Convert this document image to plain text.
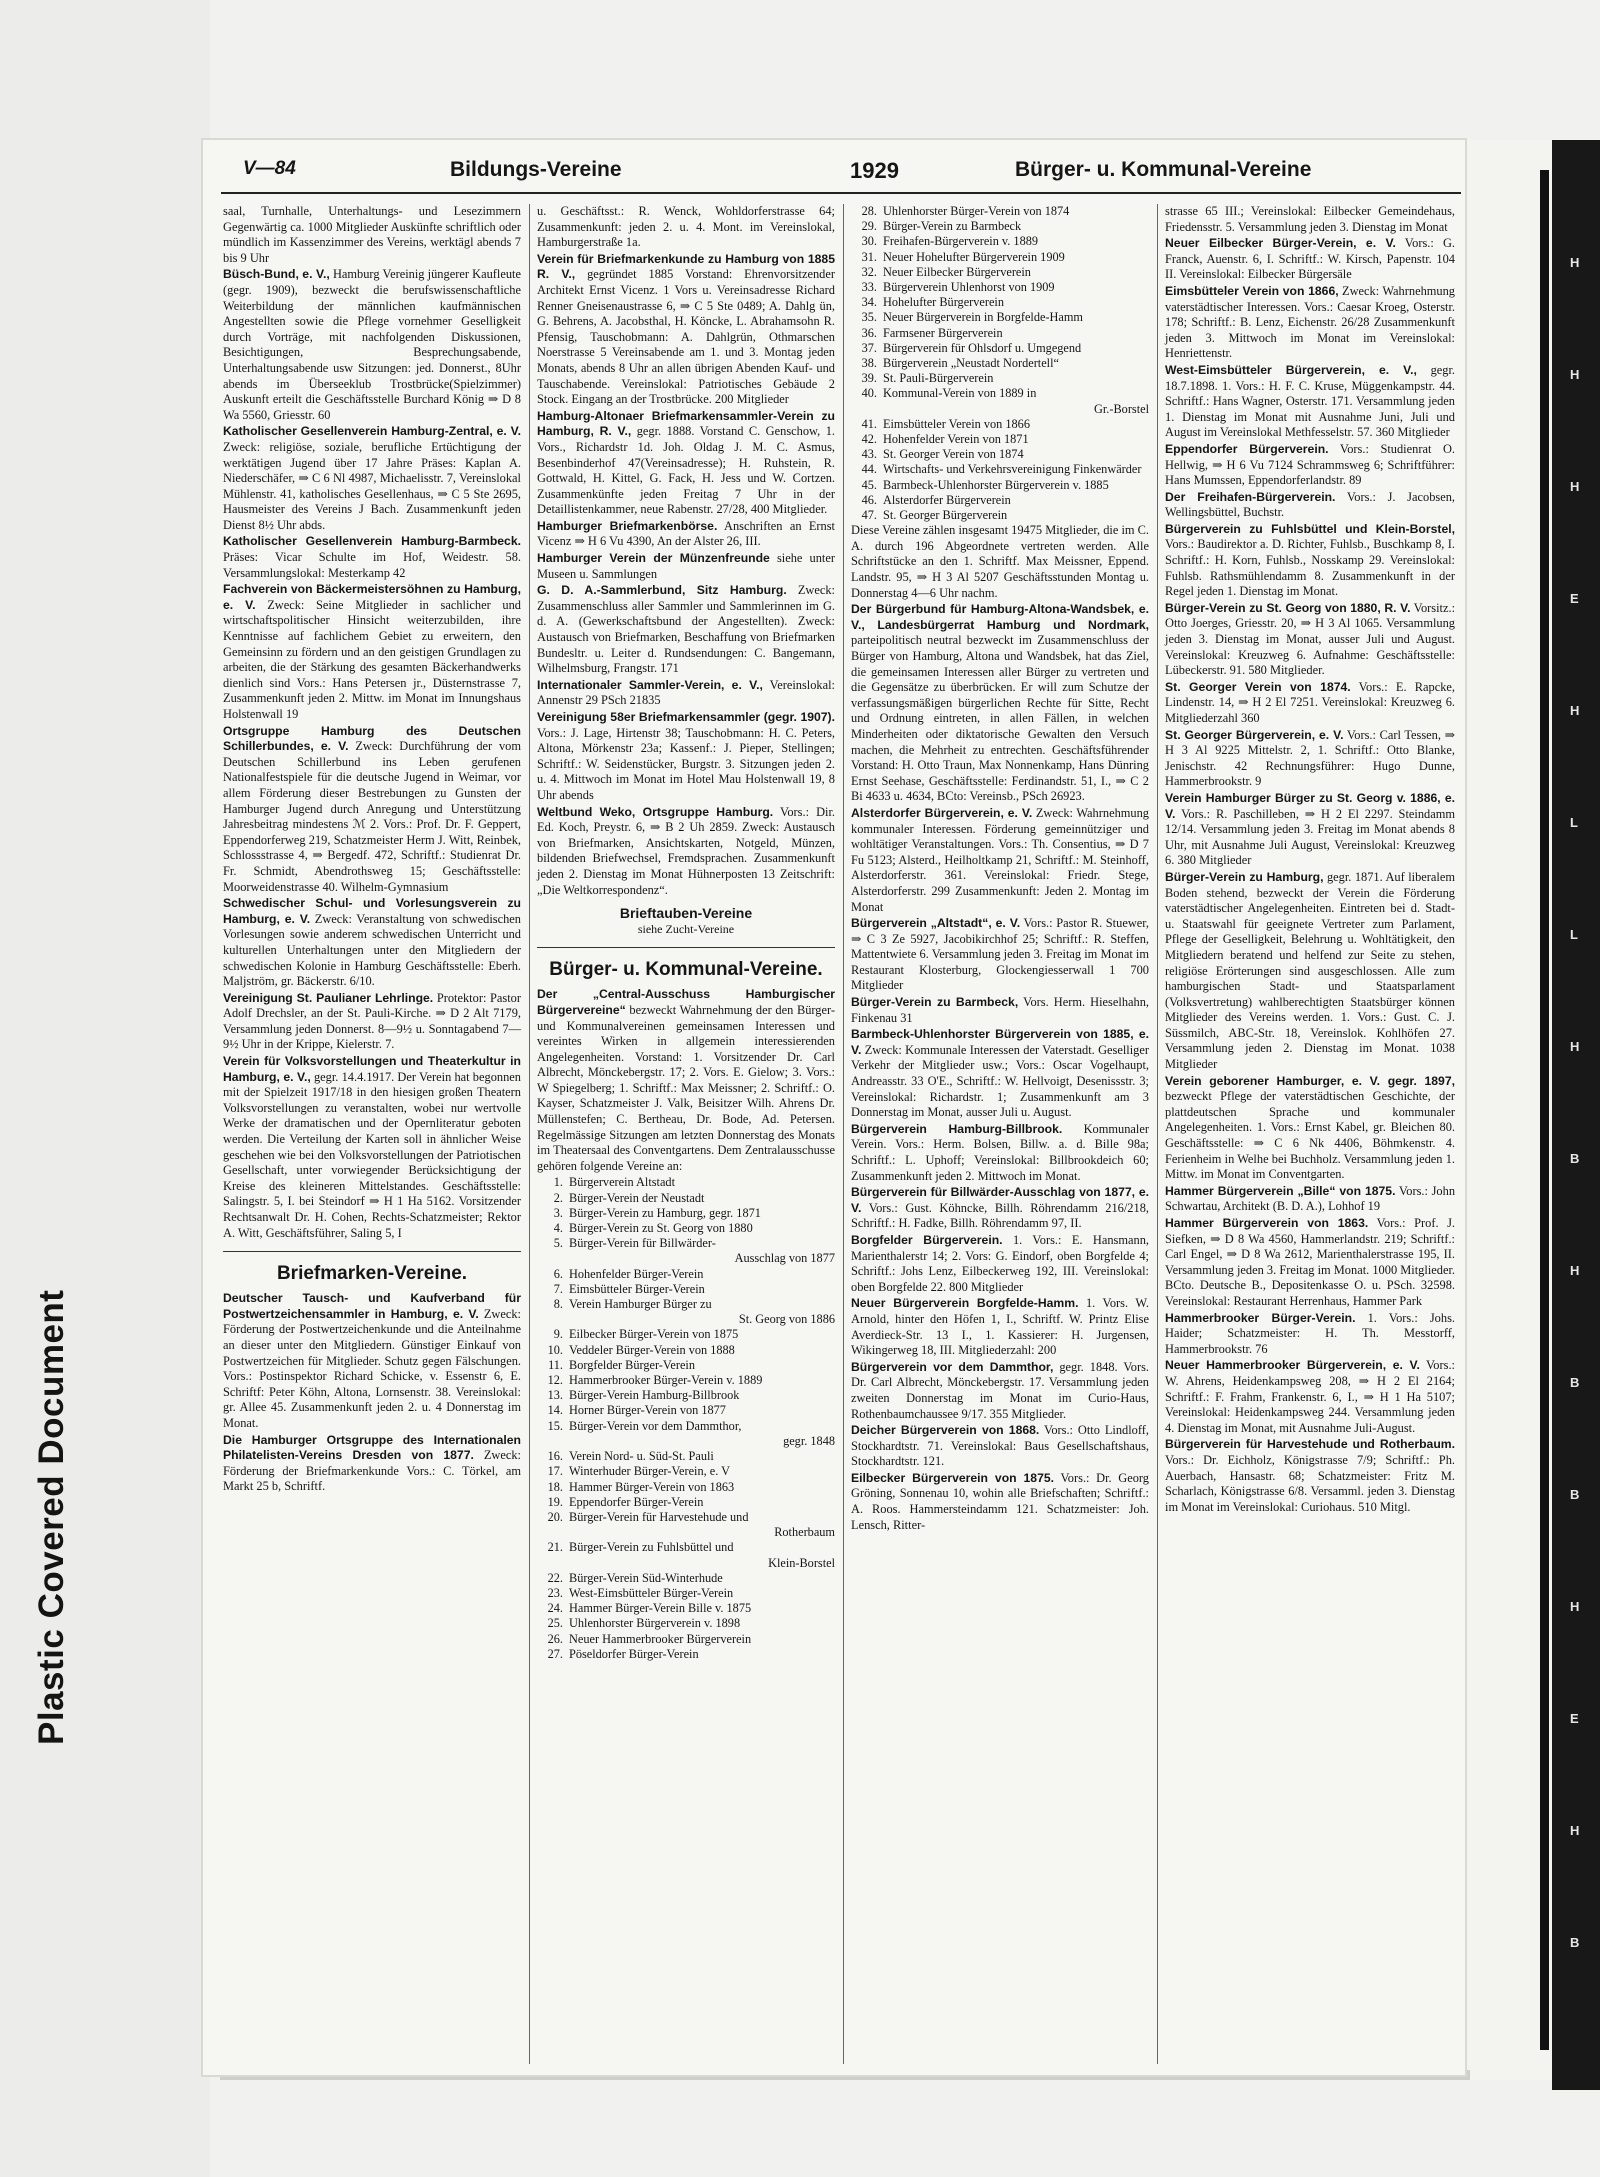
Plastic Covered Document
H
H
H
E
H
L
L
H
B
H
B
B
H
E
H
B
V—84	Bildungs-Vereine	1929	Bürger- u. Kommunal-Vereine

saal, Turnhalle, Unterhaltungs- und Lesezimmern Gegenwärtig ca. 1000 Mitglieder Auskünfte schriftlich oder mündlich im Kassenzimmer des Vereins, werktägl abends 7 bis 9 Uhr

Büsch-Bund, e. V., Hamburg Vereinig jüngerer Kaufleute (gegr. 1909), bezweckt die berufswissenschaftliche Weiterbildung der männlichen kaufmännischen Angestellten sowie die Pflege vornehmer Geselligkeit durch Vorträge, mit nachfolgenden Diskussionen, Besichtigungen, Besprechungsabende, Unterhaltungsabende usw Sitzungen: jed. Donnerst., 8Uhr abends im Überseeklub Trostbrücke(Spielzimmer) Auskunft erteilt die Geschäftsstelle Burchard König ⇒ D 8 Wa 5560, Griesstr. 60

Katholischer Gesellenverein Hamburg-Zentral, e. V. Zweck: religiöse, soziale, berufliche Ertüchtigung der werktätigen Jugend über 17 Jahre Präses: Kaplan A. Niederschäfer, ⇒ C 6 Nl 4987, Michaelisstr. 7, Vereinslokal Mühlenstr. 41, katholisches Gesellenhaus, ⇒ C 5 Ste 2695, Hausmeister des Vereins J Bach. Zusammenkunft jeden Dienst 8½ Uhr abds.

Katholischer Gesellenverein Hamburg-Barmbeck. Präses: Vicar Schulte im Hof, Weidestr. 58. Versammlungslokal: Mesterkamp 42

Fachverein von Bäckermeistersöhnen zu Hamburg, e. V. Zweck: Seine Mitglieder in sachlicher und wirtschaftspolitischer Hinsicht weiterzubilden, ihre Kenntnisse auf fachlichem Gebiet zu erweitern, den Gemeinsinn zu fördern und an den geistigen Grundlagen zu arbeiten, die der Stärkung des gesamten Bäckerhandwerks dienlich sind Vors.: Hans Petersen jr., Düsternstrasse 7, Zusammenkunft jeden 2. Mittw. im Monat im Innungshaus Holstenwall 19

Ortsgruppe Hamburg des Deutschen Schillerbundes, e. V. Zweck: Durchführung der vom Deutschen Schillerbund ins Leben gerufenen Nationalfestspiele für die deutsche Jugend in Weimar, vor allem Förderung dieser Bestrebungen zu Gunsten der Hamburger Jugend durch Anregung und Unterstützung Jahresbeitrag mindestens ℳ 2. Vors.: Prof. Dr. F. Geppert, Eppendorferweg 219, Schatzmeister Herm J. Witt, Reinbek, Schlossstrasse 4, ⇒ Bergedf. 472, Schriftf.: Studienrat Dr. Fr. Schmidt, Abendrothsweg 15; Geschäftsstelle: Moorweidenstrasse 40. Wilhelm-Gymnasium

Schwedischer Schul- und Vorlesungsverein zu Hamburg, e. V. Zweck: Veranstaltung von schwedischen Vorlesungen sowie anderem schwedischen Unterricht und kulturellen Unterhaltungen unter den Mitgliedern der schwedischen Kolonie in Hamburg Geschäftsstelle: Eberh. Maljström, gr. Bäckerstr. 6/10.

Vereinigung St. Paulianer Lehrlinge. Protektor: Pastor Adolf Drechsler, an der St. Pauli-Kirche. ⇒ D 2 Alt 7179, Versammlung jeden Donnerst. 8—9½ u. Sonntagabend 7—9½ Uhr in der Krippe, Kielerstr. 7.

Verein für Volksvorstellungen und Theaterkultur in Hamburg, e. V., gegr. 14.4.1917. Der Verein hat begonnen mit der Spielzeit 1917/18 in den hiesigen großen Theatern Volksvorstellungen zu veranstalten, wobei nur wertvolle Werke der dramatischen und der Opernliteratur geboten werden. Die Verteilung der Karten soll in ähnlicher Weise geschehen wie bei den Volksvorstellungen der Patriotischen Gesellschaft, unter vorwiegender Berücksichtigung der Kreise des kleineren Mittelstandes. Geschäftsstelle: Salingstr. 5, I. bei Steindorf ⇒ H 1 Ha 5162. Vorsitzender Rechtsanwalt Dr. H. Cohen, Rechts-Schatzmeister; Rektor A. Witt, Geschäftsführer, Saling 5, I

Briefmarken-Vereine.

Deutscher Tausch- und Kaufverband für Postwertzeichensammler in Hamburg, e. V. Zweck: Förderung der Postwertzeichenkunde und die Anteilnahme an dieser unter den Mitgliedern. Günstiger Einkauf von Postwertzeichen für Mitglieder. Schutz gegen Fälschungen. Vors.: Postinspektor Richard Schicke, v. Essenstr 6, E. Schriftf: Peter Köhn, Altona, Lornsenstr. 38. Vereinslokal: gr. Allee 45. Zusammenkunft jeden 2. u. 4 Donnerstag im Monat.

Die Hamburger Ortsgruppe des Internationalen Philatelisten-Vereins Dresden von 1877. Zweck: Förderung der Briefmarkenkunde Vors.: C. Törkel, am Markt 25 b, Schriftf.

u. Geschäftsst.: R. Wenck, Wohldorferstrasse 64; Zusammenkunft: jeden 2. u. 4. Mont. im Vereinslokal, Hamburgerstraße 1a.

Verein für Briefmarkenkunde zu Hamburg von 1885 R. V., gegründet 1885 Vorstand: Ehrenvorsitzender Architekt Ernst Vicenz. 1 Vors u. Vereinsadresse Richard Renner Gneisenaustrasse 6, ⇒ C 5 Ste 0489; A. Dahlg ün, G. Behrens, A. Jacobsthal, H. Köncke, L. Abrahamsohn R. Pfensig, Tauschobmann: A. Dahlgrün, Othmarschen Noerstrasse 5 Vereinsabende am 1. und 3. Montag jeden Monats, abends 8 Uhr an allen übrigen Abenden Kauf- und Tauschabende. Vereinslokal: Patriotisches Gebäude 2 Stock. Eingang an der Trostbrücke. 200 Mitglieder

Hamburg-Altonaer Briefmarkensammler-Verein zu Hamburg, R. V., gegr. 1888. Vorstand C. Genschow, 1. Vors., Richardstr 1d. Joh. Oldag J. M. C. Asmus, Besenbinderhof 47(Vereinsadresse); H. Ruhstein, R. Gottwald, H. Kittel, G. Fack, H. Jess und W. Cortzen. Zusammenkünfte jeden Freitag 7 Uhr in der Detaillistenkammer, neue Rabenstr. 27/28, 400 Mitglieder.

Hamburger Briefmarkenbörse. Anschriften an Ernst Vicenz ⇒ H 6 Vu 4390, An der Alster 26, III.

Hamburger Verein der Münzenfreunde siehe unter Museen u. Sammlungen

G. D. A.-Sammlerbund, Sitz Hamburg. Zweck: Zusammenschluss aller Sammler und Sammlerinnen im G. d. A. (Gewerkschaftsbund der Angestellten). Zweck: Austausch von Briefmarken, Beschaffung von Briefmarken Bundesltr. u. Leiter d. Rundsendungen: C. Bangemann, Wilhelmsburg, Frangstr. 171

Internationaler Sammler-Verein, e. V., Vereinslokal: Annenstr 29 PSch 21835

Vereinigung 58er Briefmarkensammler (gegr. 1907). Vors.: J. Lage, Hirtenstr 38; Tauschobmann: H. C. Peters, Altona, Mörkenstr 23a; Kassenf.: J. Pieper, Stellingen; Schriftf.: W. Seidenstücker, Burgstr. 3. Sitzungen jeden 2. u. 4. Mittwoch im Monat im Hotel Mau Holstenwall 19, 8 Uhr abends

Weltbund Weko, Ortsgruppe Hamburg. Vors.: Dir. Ed. Koch, Preystr. 6, ⇒ B 2 Uh 2859. Zweck: Austausch von Briefmarken, Ansichtskarten, Notgeld, Münzen, bildenden Briefwechsel, Fremdsprachen. Zusammenkunft jeden 2. Dienstag im Monat Hühnerposten 13 Zeitschrift: „Die Weltkorrespondenz“.

Brieftauben-Vereine
siehe Zucht-Vereine
Bürger- u. Kommunal-Vereine.

Der „Central-Ausschuss Hamburgischer Bürgervereine“ bezweckt Wahrnehmung der den Bürger- und Kommunalvereinen gemeinsamen Interessen und vereintes Wirken in allgemein interessierenden Angelegenheiten. Vorstand: 1. Vorsitzender Dr. Carl Albrecht, Mönckebergstr. 17; 2. Vors. E. Gielow; 3. Vors.: W Spiegelberg; 1. Schriftf.: Max Meissner; 2. Schriftf.: O. Kayser, Schatzmeister J. Valk, Beisitzer Wilh. Ahrens Dr. Müllenstefen; C. Bertheau, Dr. Bode, Ad. Petersen. Regelmässige Sitzungen am letzten Donnerstag des Monats im Theatersaal des Conventgartens. Dem Zentralausschusse gehören folgende Vereine an:

1. Bürgerverein Altstadt
2. Bürger-Verein der Neustadt
3. Bürger-Verein zu Hamburg, gegr. 1871
4. Bürger-Verein zu St. Georg von 1880
5. Bürger-Verein für Billwärder-
Ausschlag von 1877
6. Hohenfelder Bürger-Verein
7. Eimsbütteler Bürger-Verein
8. Verein Hamburger Bürger zu
St. Georg von 1886
9. Eilbecker Bürger-Verein von 1875
10. Veddeler Bürger-Verein von 1888
11. Borgfelder Bürger-Verein
12. Hammerbrooker Bürger-Verein v. 1889
13. Bürger-Verein Hamburg-Billbrook
14. Horner Bürger-Verein von 1877
15. Bürger-Verein vor dem Dammthor,
gegr. 1848
16. Verein Nord- u. Süd-St. Pauli
17. Winterhuder Bürger-Verein, e. V
18. Hammer Bürger-Verein von 1863
19. Eppendorfer Bürger-Verein
20. Bürger-Verein für Harvestehude und
Rotherbaum
21. Bürger-Verein zu Fuhlsbüttel und
Klein-Borstel
22. Bürger-Verein Süd-Winterhude
23. West-Eimsbütteler Bürger-Verein
24. Hammer Bürger-Verein Bille v. 1875
25. Uhlenhorster Bürgerverein v. 1898
26. Neuer Hammerbrooker Bürgerverein
27. Pöseldorfer Bürger-Verein
28. Uhlenhorster Bürger-Verein von 1874
29. Bürger-Verein zu Barmbeck
30. Freihafen-Bürgerverein v. 1889
31. Neuer Hohelufter Bürgerverein 1909
32. Neuer Eilbecker Bürgerverein
33. Bürgerverein Uhlenhorst von 1909
34. Hohelufter Bürgerverein
35. Neuer Bürgerverein in Borgfelde-Hamm
36. Farmsener Bürgerverein
37. Bürgerverein für Ohlsdorf u. Umgegend
38. Bürgerverein „Neustadt Nordertell“
39. St. Pauli-Bürgerverein
40. Kommunal-Verein von 1889 in
Gr.-Borstel
41. Eimsbütteler Verein von 1866
42. Hohenfelder Verein von 1871
43. St. Georger Verein von 1874
44. Wirtschafts- und Verkehrsvereinigung Finkenwärder
45. Barmbeck-Uhlenhorster Bürgerverein v. 1885
46. Alsterdorfer Bürgerverein
47. St. Georger Bürgerverein

Diese Vereine zählen insgesamt 19475 Mitglieder, die im C. A. durch 196 Abgeordnete vertreten werden. Alle Schriftstücke an den 1. Schriftf. Max Meissner, Eppend. Landstr. 95, ⇒ H 3 Al 5207 Geschäftsstunden Montag u. Donnerstag 4—6 Uhr nachm.

Der Bürgerbund für Hamburg-Altona-Wandsbek, e. V., Landesbürgerrat Hamburg und Nordmark, parteipolitisch neutral bezweckt im Zusammenschluss der Bürger von Hamburg, Altona und Wandsbek, hat das Ziel, die gemeinsamen Interessen aller Bürger zu vertreten und die Gegensätze zu überbrücken. Er will zum Schutze der verfassungsmäßigen bürgerlichen Rechte für Sitte, Recht und Ordnung eintreten, in allen Fällen, in welchen Minderheiten oder diktatorische Gewalten den Versuch machen, die Mehrheit zu entrechten. Geschäftsführender Vorstand: H. Otto Traun, Max Nonnenkamp, Hans Dünring Ernst Seehase, Geschäftsstelle: Ferdinandstr. 51, I., ⇒ C 2 Bi 4633 u. 4634, BCto: Vereinsb., PSch 26923.

Alsterdorfer Bürgerverein, e. V. Zweck: Wahrnehmung kommunaler Interessen. Förderung gemeinnütziger und wohltätiger Veranstaltungen. Vors.: Th. Consentius, ⇒ D 7 Fu 5123; Alsterd., Heilholtkamp 21, Schriftf.: M. Steinhoff, Alsterdorferstr. 361. Vereinslokal: Friedr. Stege, Alsterdorferstr. 299 Zusammenkunft: Jeden 2. Montag im Monat

Bürgerverein „Altstadt“, e. V. Vors.: Pastor R. Stuewer, ⇒ C 3 Ze 5927, Jacobikirchhof 25; Schriftf.: R. Steffen, Mattentwiete 6. Versammlung jeden 3. Freitag im Monat im Restaurant Klosterburg, Glockengiesserwall 1 700 Mitglieder

Bürger-Verein zu Barmbeck, Vors. Herm. Hieselhahn, Finkenau 31

Barmbeck-Uhlenhorster Bürgerverein von 1885, e. V. Zweck: Kommunale Interessen der Vaterstadt. Geselliger Verkehr der Mitglieder usw.; Vors.: Oscar Vogelhaupt, Andreasstr. 33 O'E., Schriftf.: W. Hellvoigt, Desenissstr. 3; Vereinslokal: Richardstr. 1; Zusammenkunft am 3 Donnerstag im Monat, ausser Juli u. August.

Bürgerverein Hamburg-Billbrook. Kommunaler Verein. Vors.: Herm. Bolsen, Billw. a. d. Bille 98a; Schriftf.: L. Uphoff; Vereinslokal: Billbrookdeich 60; Zusammenkunft jeden 2. Mittwoch im Monat.

Bürgerverein für Billwärder-Ausschlag von 1877, e. V. Vors.: Gust. Köhncke, Billh. Röhrendamm 216/218, Schriftf.: H. Fadke, Billh. Röhrendamm 97, II.

Borgfelder Bürgerverein. 1. Vors.: E. Hansmann, Marienthalerstr 14; 2. Vors: G. Eindorf, oben Borgfelde 4; Schriftf.: Johs Lenz, Eilbeckerweg 192, III. Vereinslokal: oben Borgfelde 22. 800 Mitglieder

Neuer Bürgerverein Borgfelde-Hamm. 1. Vors. W. Arnold, hinter den Höfen 1, I., Schriftf. W. Printz Elise Averdieck-Str. 13 I., 1. Kassierer: H. Jurgensen, Wikingerweg 18, III. Mitgliederzahl: 200

Bürgerverein vor dem Dammthor, gegr. 1848. Vors. Dr. Carl Albrecht, Mönckebergstr. 17. Versammlung jeden zweiten Donnerstag im Monat im Curio-Haus, Rothenbaumchaussee 9/17. 355 Mitglieder.

Deicher Bürgerverein von 1868. Vors.: Otto Lindloff, Stockhardtstr. 71. Vereinslokal: Baus Gesellschaftshaus, Stockhardtstr. 121.

Eilbecker Bürgerverein von 1875. Vors.: Dr. Georg Gröning, Sonnenau 10, wohin alle Briefschaften; Schriftf.: A. Roos. Hammersteindamm 121. Schatzmeister: Joh. Lensch, Ritter-

strasse 65 III.; Vereinslokal: Eilbecker Gemeindehaus, Friedensstr. 5. Versammlung jeden 3. Dienstag im Monat

Neuer Eilbecker Bürger-Verein, e. V. Vors.: G. Franck, Auenstr. 6, I. Schriftf.: W. Kirsch, Papenstr. 104 II. Vereinslokal: Eilbecker Bürgersäle

Eimsbütteler Verein von 1866, Zweck: Wahrnehmung vaterstädtischer Interessen. Vors.: Caesar Kroeg, Osterstr. 178; Schriftf.: B. Lenz, Eichenstr. 26/28 Zusammenkunft jeden 3. Mittwoch im Monat im Vereinslokal: Henriettenstr.

West-Eimsbütteler Bürgerverein, e. V., gegr. 18.7.1898. 1. Vors.: H. F. C. Kruse, Müggenkampstr. 44. Schriftf.: Hans Wagner, Osterstr. 171. Versammlung jeden 1. Dienstag im Monat mit Ausnahme Juni, Juli und August im Vereinslokal Methfesselstr. 57. 360 Mitglieder

Eppendorfer Bürgerverein. Vors.: Studienrat O. Hellwig, ⇒ H 6 Vu 7124 Schrammsweg 6; Schriftführer: Hans Mumssen, Eppendorferlandstr. 89

Der Freihafen-Bürgerverein. Vors.: J. Jacobsen, Wellingsbüttel, Buchstr.

Bürgerverein zu Fuhlsbüttel und Klein-Borstel, Vors.: Baudirektor a. D. Richter, Fuhlsb., Buschkamp 8, I. Schriftf.: H. Korn, Fuhlsb., Nosskamp 29. Vereinslokal: Fuhlsb. Rathsmühlendamm 8. Zusammenkunft in der Regel jeden 1. Dienstag im Monat.

Bürger-Verein zu St. Georg von 1880, R. V. Vorsitz.: Otto Joerges, Griesstr. 20, ⇒ H 3 Al 1065. Versammlung jeden 3. Dienstag im Monat, ausser Juli und August. Vereinslokal: Kreuzweg 6. Aufnahme: Geschäftsstelle: Lübeckerstr. 91. 580 Mitglieder.

St. Georger Verein von 1874. Vors.: E. Rapcke, Lindenstr. 14, ⇒ H 2 El 7251. Vereinslokal: Kreuzweg 6. Mitgliederzahl 360

St. Georger Bürgerverein, e. V. Vors.: Carl Tessen, ⇒ H 3 Al 9225 Mittelstr. 2, 1. Schriftf.: Otto Blanke, Jenischstr. 42 Rechnungsführer: Hugo Dunne, Hammerbrookstr. 9

Verein Hamburger Bürger zu St. Georg v. 1886, e. V. Vors.: R. Paschilleben, ⇒ H 2 El 2297. Steindamm 12/14. Versammlung jeden 3. Freitag im Monat abends 8 Uhr, mit Ausnahme Juli August, Vereinslokal: Kreuzweg 6. 380 Mitglieder

Bürger-Verein zu Hamburg, gegr. 1871. Auf liberalem Boden stehend, bezweckt der Verein die Förderung vaterstädtischer Angelegenheiten. Eintreten bei d. Stadt- u. Staatswahl für geeignete Vertreter zum Parlament, Pflege der Geselligkeit, Belehrung u. Wohltätigkeit, den Mitgliedern beratend und helfend zur Seite zu stehen, religiöse Erörterungen sind ausgeschlossen. Alle zum hamburgischen Stadt- und Staatsparlament (Volksvertretung) wahlberechtigten Staatsbürger können Mitglieder des Vereins werden. 1. Vors.: Gust. C. J. Süssmilch, ABC-Str. 18, Vereinslok. Kohlhöfen 27. Versammlung jeden 2. Dienstag im Monat. 1038 Mitglieder

Verein geborener Hamburger, e. V. gegr. 1897, bezweckt Pflege der vaterstädtischen Geschichte, der plattdeutschen Sprache und kommunaler Angelegenheiten. 1. Vors.: Ernst Kabel, gr. Bleichen 80. Geschäftsstelle: ⇒ C 6 Nk 4406, Böhmkenstr. 4. Ferienheim in Welhe bei Buchholz. Versammlung jeden 1. Mittw. im Monat im Conventgarten.

Hammer Bürgerverein „Bille“ von 1875. Vors.: John Schwartau, Architekt (B. D. A.), Lohhof 19

Hammer Bürgerverein von 1863. Vors.: Prof. J. Siefken, ⇒ D 8 Wa 4560, Hammerlandstr. 219; Schriftf.: Carl Engel, ⇒ D 8 Wa 2612, Marienthalerstrasse 195, II. Versammlung jeden 3. Freitag im Monat. 1000 Mitglieder. BCto. Deutsche B., Depositenkasse O. u. PSch. 32598. Vereinslokal: Restaurant Herrenhaus, Hammer Park

Hammerbrooker Bürger-Verein. 1. Vors.: Johs. Haider; Schatzmeister: H. Th. Messtorff, Hammerbrookstr. 76

Neuer Hammerbrooker Bürgerverein, e. V. Vors.: W. Ahrens, Heidenkampsweg 208, ⇒ H 2 El 2164; Schriftf.: F. Frahm, Frankenstr. 6, I., ⇒ H 1 Ha 5107; Vereinslokal: Heidenkampsweg 244. Versammlung jeden 4. Dienstag im Monat, mit Ausnahme Juli-August.

Bürgerverein für Harvestehude und Rotherbaum. Vors.: Dr. Eichholz, Königstrasse 7/9; Schriftf.: Ph. Auerbach, Hansastr. 68; Schatzmeister: Fritz M. Scharlach, Königstrasse 6/8. Versamml. jeden 3. Dienstag im Monat im Vereinslokal: Curiohaus. 510 Mitgl.
